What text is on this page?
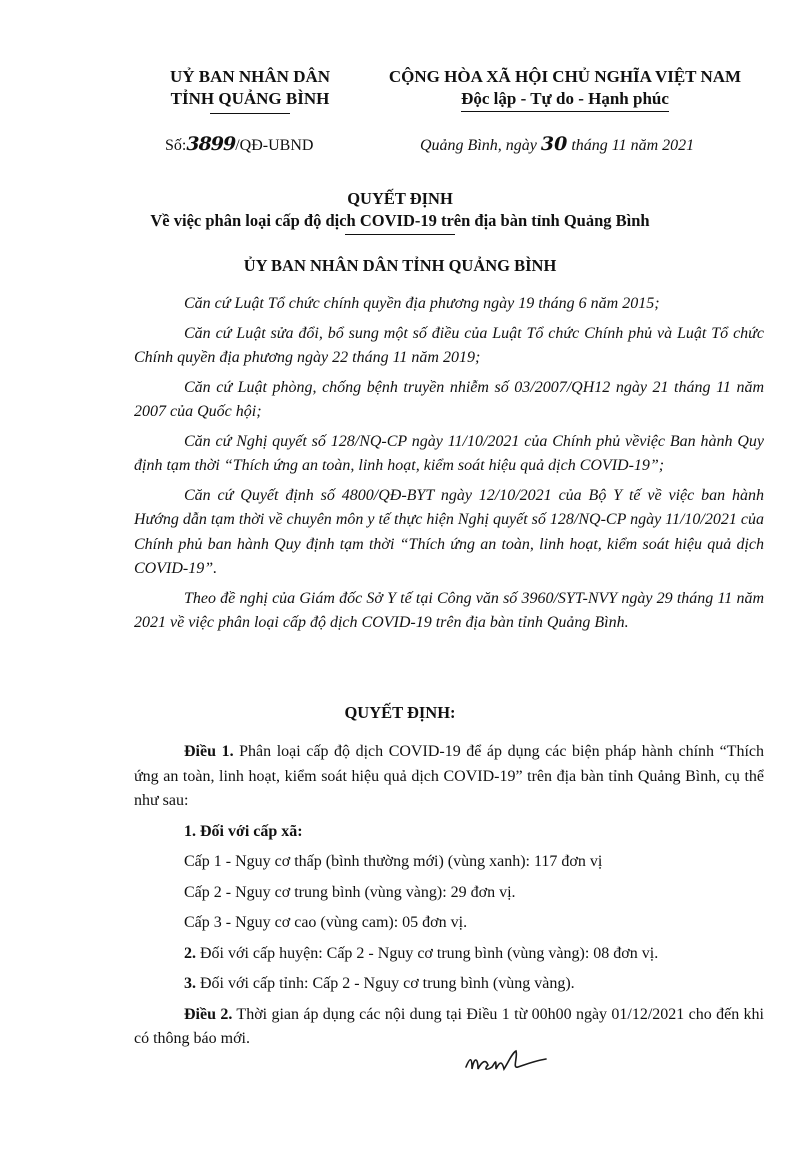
UỶ BAN NHÂN DÂN
TỈNH QUẢNG BÌNH
CỘNG HÒA XÃ HỘI CHỦ NGHĨA VIỆT NAM
Độc lập - Tự do - Hạnh phúc
Số:3899/QĐ-UBND	Quảng Bình, ngày 30 tháng 11 năm 2021
QUYẾT ĐỊNH
Về việc phân loại cấp độ dịch COVID-19 trên địa bàn tỉnh Quảng Bình
ỦY BAN NHÂN DÂN TỈNH QUẢNG BÌNH

Căn cứ Luật Tổ chức chính quyền địa phương ngày 19 tháng 6 năm 2015;

Căn cứ Luật sửa đổi, bổ sung một số điều của Luật Tổ chức Chính phủ và Luật Tổ chức Chính quyền địa phương ngày 22 tháng 11 năm 2019;

Căn cứ Luật phòng, chống bệnh truyền nhiễm số 03/2007/QH12 ngày 21 tháng 11 năm 2007 của Quốc hội;

Căn cứ Nghị quyết số 128/NQ-CP ngày 11/10/2021 của Chính phủ vềviệc Ban hành Quy định tạm thời “Thích ứng an toàn, linh hoạt, kiểm soát hiệu quả dịch COVID-19”;

Căn cứ Quyết định số 4800/QĐ-BYT ngày 12/10/2021 của Bộ Y tế về việc ban hành Hướng dẫn tạm thời về chuyên môn y tế thực hiện Nghị quyết số 128/NQ-CP ngày 11/10/2021 của Chính phủ ban hành Quy định tạm thời “Thích ứng an toàn, linh hoạt, kiểm soát hiệu quả dịch COVID-19”.

Theo đề nghị của Giám đốc Sở Y tế tại Công văn số 3960/SYT-NVY ngày 29 tháng 11 năm 2021 về việc phân loại cấp độ dịch COVID-19 trên địa bàn tỉnh Quảng Bình.

QUYẾT ĐỊNH:

Điều 1. Phân loại cấp độ dịch COVID-19 để áp dụng các biện pháp hành chính “Thích ứng an toàn, linh hoạt, kiểm soát hiệu quả dịch COVID-19” trên địa bàn tỉnh Quảng Bình, cụ thể như sau:

1. Đối với cấp xã:

Cấp 1 - Nguy cơ thấp (bình thường mới) (vùng xanh): 117 đơn vị

Cấp 2 - Nguy cơ trung bình (vùng vàng): 29 đơn vị.

Cấp 3 - Nguy cơ cao (vùng cam): 05 đơn vị.

2. Đối với cấp huyện: Cấp 2 - Nguy cơ trung bình (vùng vàng): 08 đơn vị.

3. Đối với cấp tỉnh: Cấp 2 - Nguy cơ trung bình (vùng vàng).

Điều 2. Thời gian áp dụng các nội dung tại Điều 1 từ 00h00 ngày 01/12/2021 cho đến khi có thông báo mới.
